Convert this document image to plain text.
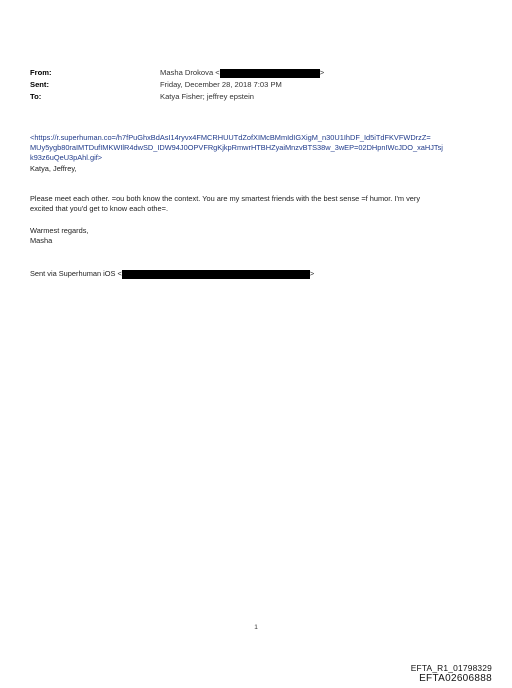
From:	Masha Drokova <	>
Sent:	Friday, December 28, 2018 7:03 PM
To:	Katya Fisher; jeffrey epstein
<https://r.superhuman.co=/h7fPuGhxBdAsI14ryvx4FMCRHUUTdZofXIMcBMmIdIGXigM_n30U1IhDF_Id5iTdFKVFWDrzZ=
MUy5ygb80raIMTDufIMKWIlR4dwSD_IDW94J0OPVFRgKjkpRmwrHTBHZyaiMnzvBTS38w_3wEP=02DHpnIWcJDO_xaHJTsj
k93z6uQeU3pAhl.gif>
Katya, Jeffrey,
Please meet each other. =ou both know the context. You are my smartest friends with the best sense =f humor. I'm very
excited that you'd get to know each othe=.
Warmest regards,
Masha
Sent via Superhuman iOS <	>
1
EFTA_R1_01798329
EFTA02606888
